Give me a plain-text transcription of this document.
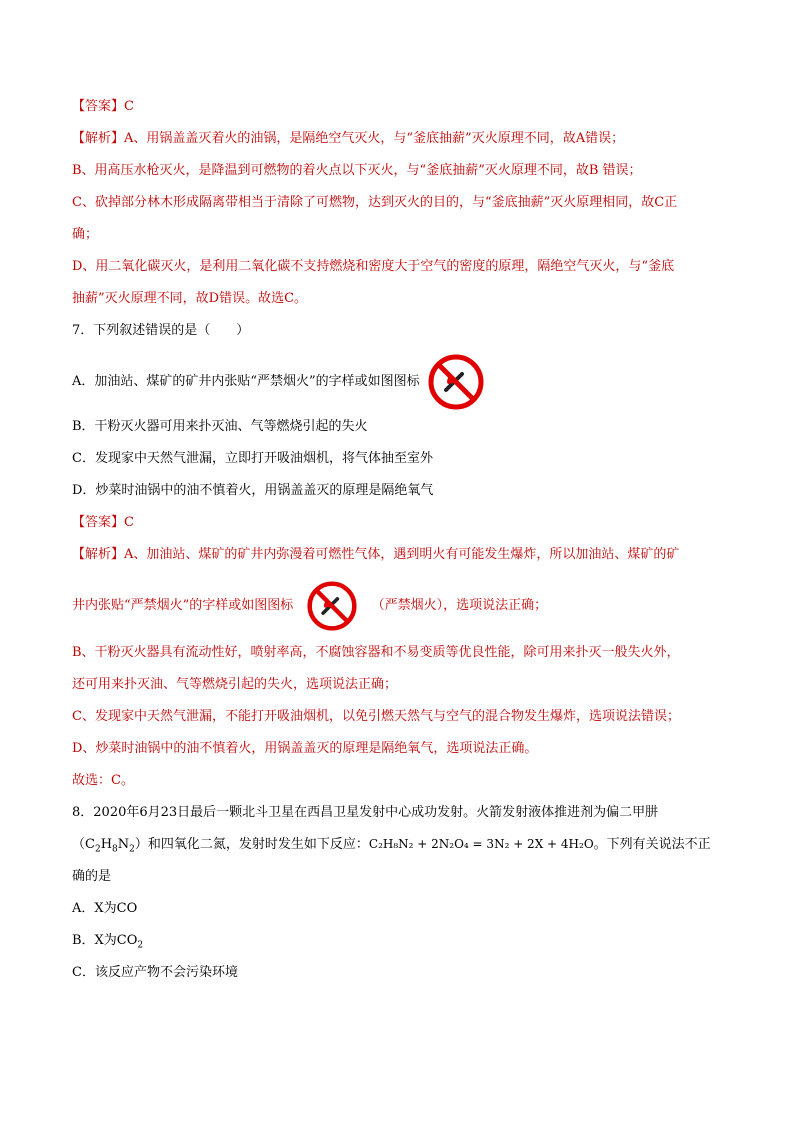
【答案】C
【解析】A、用锅盖盖灭着火的油锅，是隔绝空气灭火，与“釜底抽薪”灭火原理不同，故A错误；
B、用高压水枪灭火，是降温到可燃物的着火点以下灭火，与“釜底抽薪”灭火原理不同，故B 错误；
C、砍掉部分林木形成隔离带相当于清除了可燃物，达到灭火的目的，与“釜底抽薪”灭火原理相同，故C正
确；
D、用二氧化碳灭火，是利用二氧化碳不支持燃烧和密度大于空气的密度的原理，隔绝空气灭火，与“釜底
抽薪”灭火原理不同，故D错误。故选C。
7．下列叙述错误的是（　　）
A．加油站、煤矿的矿井内张贴“严禁烟火”的字样或如图图标
B．干粉灭火器可用来扑灭油、气等燃烧引起的失火
C．发现家中天然气泄漏，立即打开吸油烟机，将气体抽至室外
D．炒菜时油锅中的油不慎着火，用锅盖盖灭的原理是隔绝氧气
【答案】C
【解析】A、加油站、煤矿的矿井内弥漫着可燃性气体，遇到明火有可能发生爆炸，所以加油站、煤矿的矿
井内张贴“严禁烟火”的字样或如图图标	（严禁烟火），选项说法正确；
B、干粉灭火器具有流动性好，喷射率高，不腐蚀容器和不易变质等优良性能，除可用来扑灭一般失火外，
还可用来扑灭油、气等燃烧引起的失火，选项说法正确；
C、发现家中天然气泄漏，不能打开吸油烟机，以免引燃天然气与空气的混合物发生爆炸，选项说法错误；
D、炒菜时油锅中的油不慎着火，用锅盖盖灭的原理是隔绝氧气，选项说法正确。
故选：C。
8．2020年6月23日最后一颗北斗卫星在西昌卫星发射中心成功发射。火箭发射液体推进剂为偏二甲肼
$(C_2H_8N_2)$和四氧化二氮，发射时发生如下反应：C₂H₈N₂ + 2N₂O₄ = 3N₂ + 2X + 4H₂O。下列有关说法不正
确的是
A．X为CO
B．X为$CO_2$
C．该反应产物不会污染环境
